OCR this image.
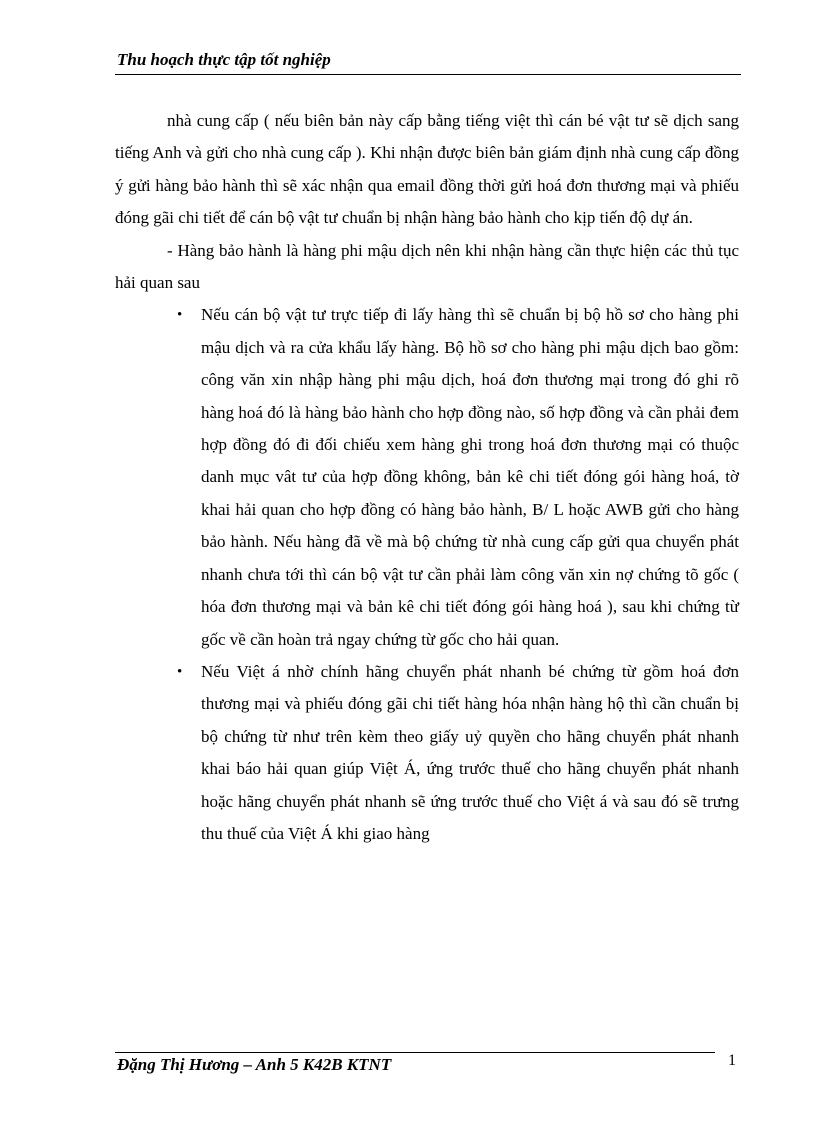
Thu hoạch thực tập tốt nghiệp

nhà cung cấp ( nếu biên bản này cấp bằng tiếng việt thì cán bé vật tư sẽ dịch sang tiếng Anh và gửi cho nhà cung cấp ). Khi nhận được biên bản giám định nhà cung cấp đồng ý gửi hàng bảo hành thì sẽ xác nhận qua email đồng thời gửi hoá đơn thương mại và phiếu đóng gãi chi tiết để cán bộ vật tư chuẩn bị nhận hàng bảo hành cho kịp tiến độ dự án.

- Hàng bảo hành là hàng phi mậu dịch nên khi nhận hàng cần thực hiện các thủ tục hải quan sau

• Nếu cán bộ vật tư trực tiếp đi lấy hàng thì sẽ chuẩn bị bộ hồ sơ cho hàng phi mậu dịch và ra cửa khẩu lấy hàng. Bộ hồ sơ cho hàng phi mậu dịch bao gồm: công văn xin nhập hàng phi mậu dịch, hoá đơn thương mại trong đó ghi rõ hàng hoá đó là hàng bảo hành cho hợp đồng nào, số hợp đồng và cần phải đem hợp đồng đó đi đối chiếu xem hàng ghi trong hoá đơn thương mại có thuộc danh mục vât tư của hợp đồng không, bản kê chi tiết đóng gói hàng hoá, tờ khai hải quan cho hợp đồng có hàng bảo hành, B/ L hoặc AWB gửi cho hàng bảo hành. Nếu hàng đã về mà bộ chứng từ nhà cung cấp gửi qua chuyển phát nhanh chưa tới thì cán bộ vật tư cần phải làm công văn xin nợ chứng tõ gốc ( hóa đơn thương mại và bản kê chi tiết đóng gói hàng hoá ), sau khi chứng từ gốc về cần hoàn trả ngay chứng từ gốc cho hải quan.
• Nếu Việt á nhờ chính hãng chuyển phát nhanh bé chứng từ gồm hoá đơn thương mại và phiếu đóng gãi chi tiết hàng hóa nhận hàng hộ thì cần chuẩn bị bộ chứng từ như trên kèm theo giấy uỷ quyền cho hãng chuyển phát nhanh khai báo hải quan giúp Việt Á, ứng trước thuế cho hãng chuyển phát nhanh hoặc hãng chuyển phát nhanh sẽ ứng trước thuế cho Việt á và sau đó sẽ trưng thu thuế của Việt Á khi giao hàng
Đặng Thị Hương – Anh 5 K42B KTNT	1
